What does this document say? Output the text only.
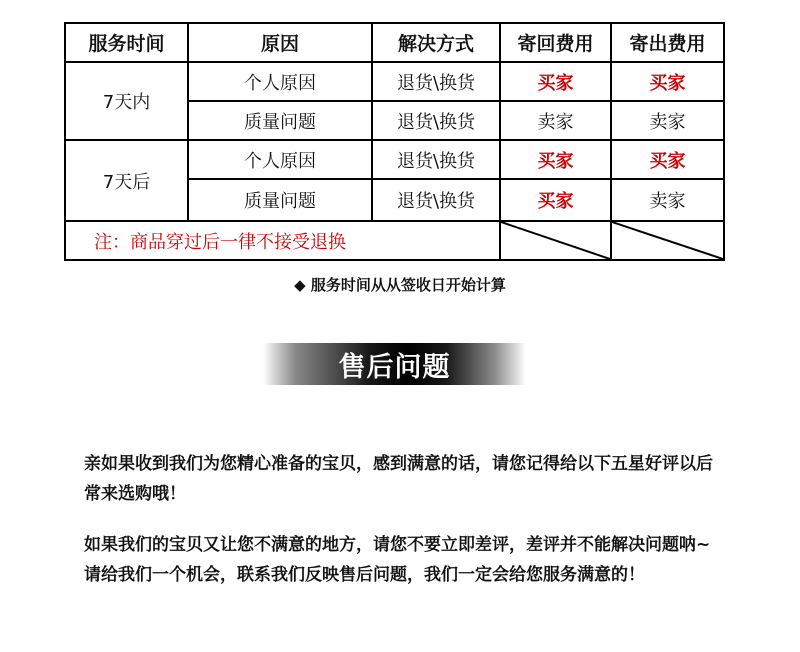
服务时间	原因	解决方式	寄回费用	寄出费用
7天内	个人原因	退货\换货	买家	买家
	质量问题	退货\换货	卖家	卖家
7天后	个人原因	退货\换货	买家	买家
	质量问题	退货\换货	买家	卖家
注：商品穿过后一律不接受退换	

◆ 服务时间从从签收日开始计算
售后问题
亲如果收到我们为您精心准备的宝贝，感到满意的话，请您记得给以下五星好评以后常来选购哦！
如果我们的宝贝又让您不满意的地方，请您不要立即差评，差评并不能解决问题呐~　　请给我们一个机会，联系我们反映售后问题，我们一定会给您服务满意的！
